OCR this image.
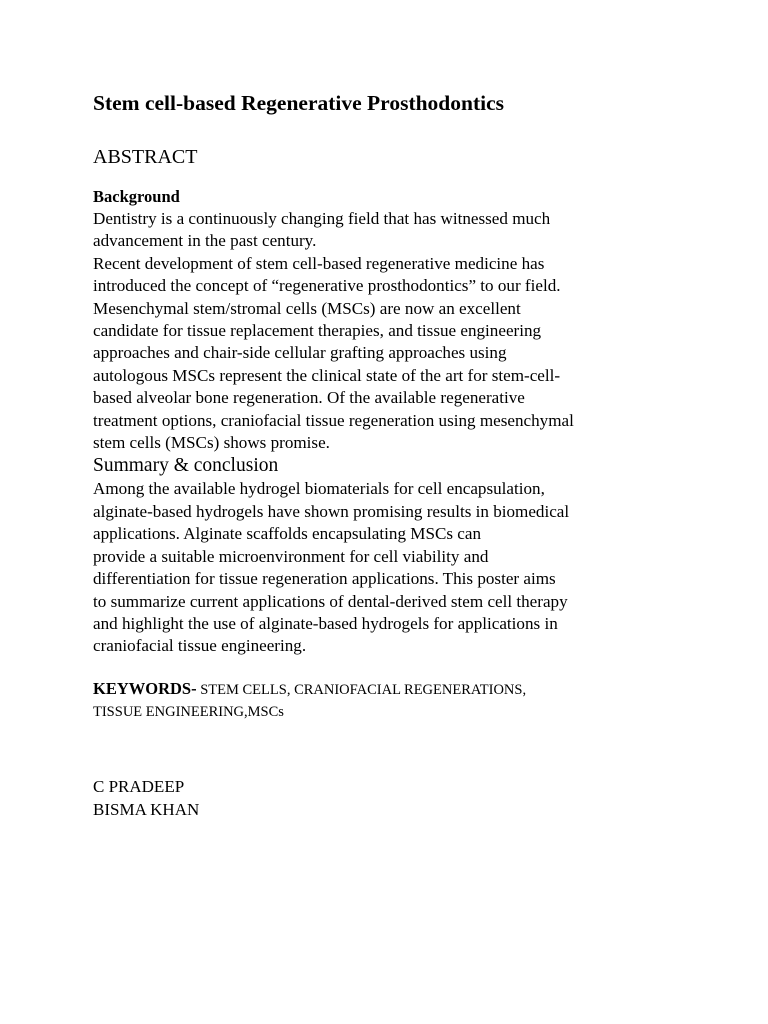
Stem cell-based Regenerative Prosthodontics
ABSTRACT
Background

Dentistry is a continuously changing field that has witnessed much
advancement in the past century.
Recent development of stem cell-based regenerative medicine has
introduced the concept of “regenerative prosthodontics” to our field.
Mesenchymal stem/stromal cells (MSCs) are now an excellent
candidate for tissue replacement therapies, and tissue engineering
approaches and chair-side cellular grafting approaches using
autologous MSCs represent the clinical state of the art for stem-cell-
based alveolar bone regeneration. Of the available regenerative
treatment options, craniofacial tissue regeneration using mesenchymal
stem cells (MSCs) shows promise.

Summary & conclusion

Among the available hydrogel biomaterials for cell encapsulation,
alginate-based hydrogels have shown promising results in biomedical
applications. Alginate scaffolds encapsulating MSCs can
provide a suitable microenvironment for cell viability and
differentiation for tissue regeneration applications. This poster aims
to summarize current applications of dental-derived stem cell therapy
and highlight the use of alginate-based hydrogels for applications in
craniofacial tissue engineering.

KEYWORDS- STEM CELLS, CRANIOFACIAL REGENERATIONS,
TISSUE ENGINEERING,MSCs
C PRADEEP
BISMA KHAN
